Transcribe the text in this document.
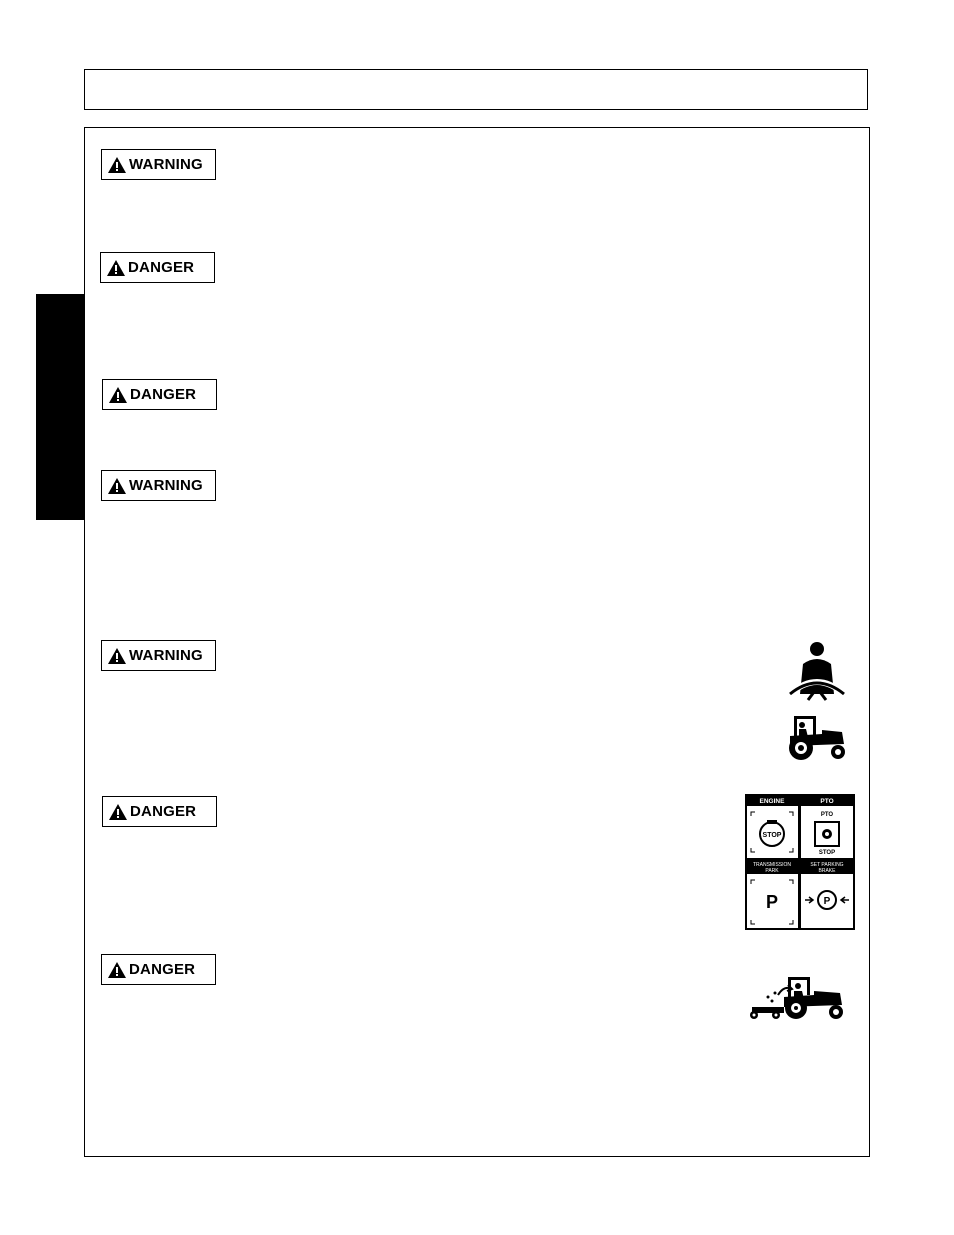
WARNING
DANGER
DANGER
WARNING
WARNING
DANGER
DANGER
ENGINE
STOP
PTO
PTO
STOP
TRANSMISSION
PARK
P
SET PARKING
BRAKE
P
